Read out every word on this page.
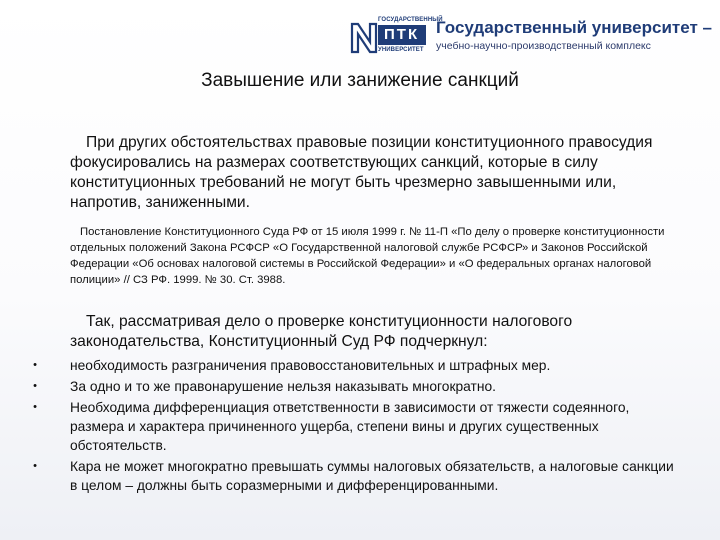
ГОСУДАРСТВЕННЫЙ
ПТК
УНИВЕРСИТЕТ
Государственный университет –
учебно-научно-производственный комплекс
Завышение или занижение санкций
При других обстоятельствах правовые позиции конституционного правосудия фокусировались на размерах соответствующих санкций, которые в силу конституционных требований не могут быть чрезмерно завышенными или, напротив, заниженными.
Постановление Конституционного Суда РФ от 15 июля 1999 г. № 11-П «По делу о проверке конституционности отдельных положений Закона РСФСР «О Государственной налоговой службе РСФСР» и Законов Российской Федерации «Об основах налоговой системы в Российской Федерации» и «О федеральных органах налоговой полиции» // СЗ РФ. 1999. № 30. Ст. 3988.
Так, рассматривая дело о проверке конституционности налогового законодательства, Конституционный Суд РФ подчеркнул:
• необходимость разграничения правовосстановительных и штрафных мер.
• За одно и то же правонарушение нельзя наказывать многократно.
• Необходима дифференциация ответственности в зависимости от тяжести содеянного, размера и характера причиненного ущерба, степени вины и других существенных обстоятельств.
• Кара не может многократно превышать суммы налоговых обязательств, а налоговые санкции в целом – должны быть соразмерными и дифференцированными.
